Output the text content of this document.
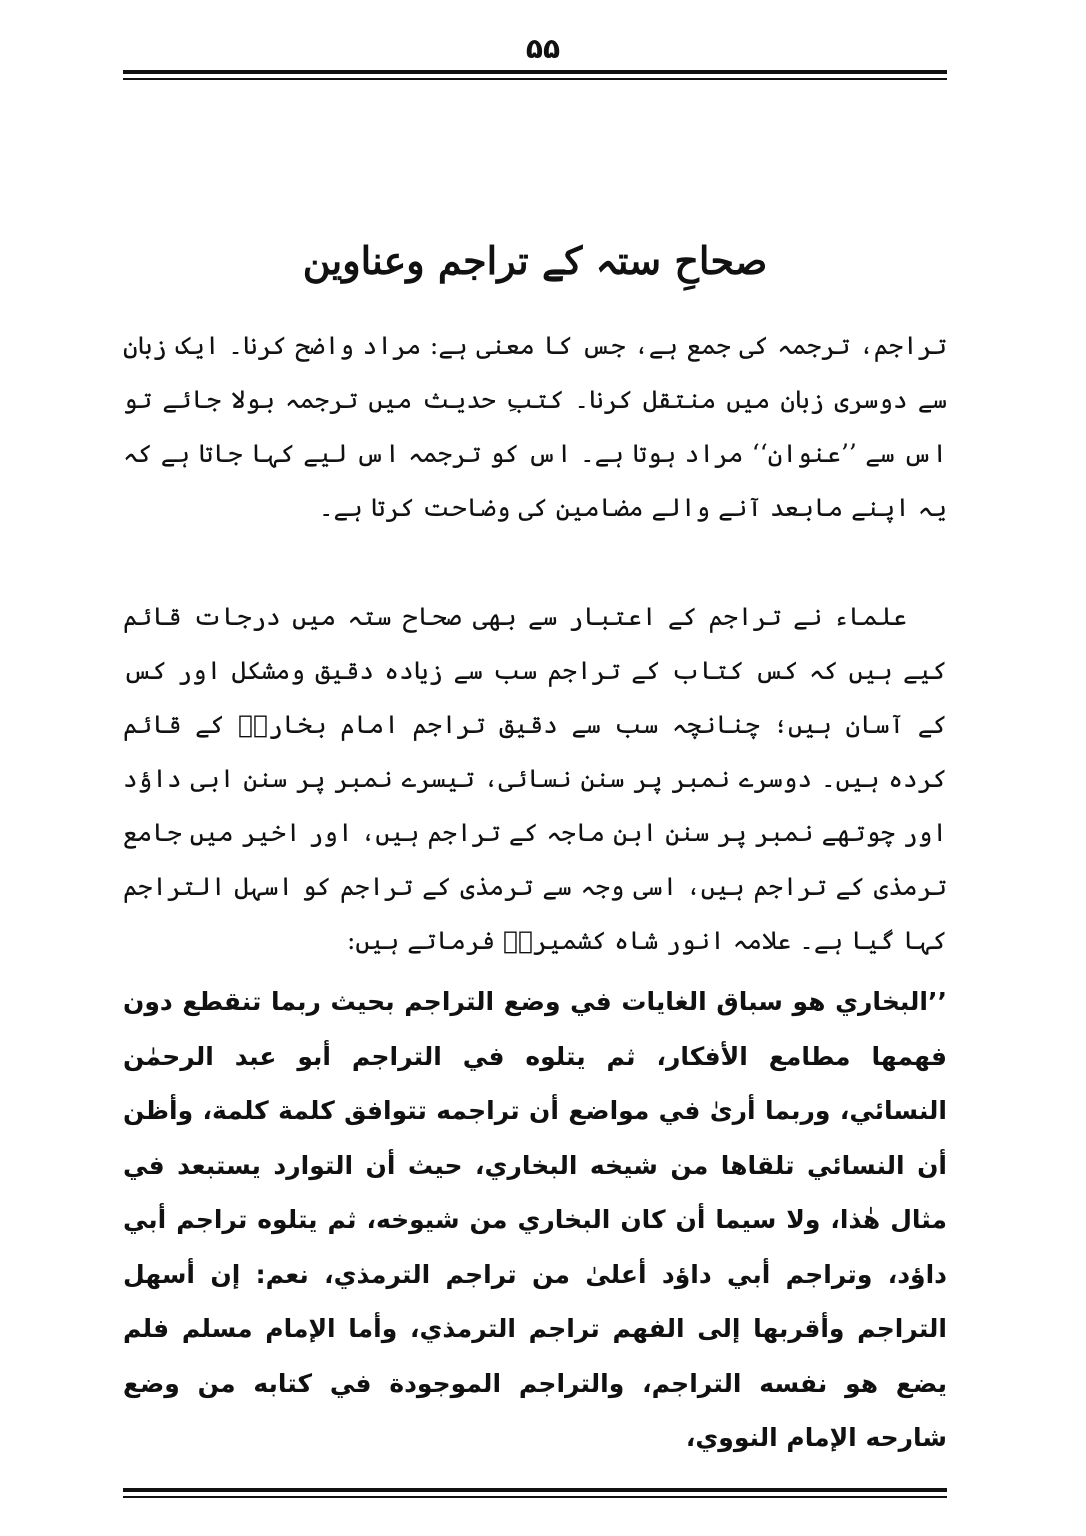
۵۵
صحاحِ ستہ کے تراجم وعناوین

تراجم، ترجمہ کی جمع ہے، جس کا معنی ہے: مراد واضح کرنا۔ ایک زبان سے دوسری زبان میں منتقل کرنا۔ کتبِ حدیث میں ترجمہ بولا جائے تو اس سے ’’عنوان‘‘ مراد ہوتا ہے۔ اس کو ترجمہ اس لیے کہا جاتا ہے کہ یہ اپنے مابعد آنے والے مضامین کی وضاحت کرتا ہے۔

علماء نے تراجم کے اعتبار سے بھی صحاح ستہ میں درجات قائم کیے ہیں کہ کس کتاب کے تراجم سب سے زیادہ دقیق ومشکل اور کس کے آسان ہیں؛ چنانچہ سب سے دقیق تراجم امام بخاریؒ کے قائم کردہ ہیں۔ دوسرے نمبر پر سنن نسائی، تیسرے نمبر پر سنن ابی داؤد اور چوتھے نمبر پر سنن ابن ماجہ کے تراجم ہیں، اور اخیر میں جامع ترمذی کے تراجم ہیں، اسی وجہ سے ترمذی کے تراجم کو اسہل التراجم کہا گیا ہے۔ علامہ انور شاہ کشمیریؒ فرماتے ہیں:

’’البخاري هو سباق الغايات في وضع التراجم بحيث ربما تنقطع دون فهمها مطامع الأفكار، ثم يتلوه في التراجم أبو عبد الرحمٰن النسائي، وربما أرىٰ في مواضع أن تراجمه تتوافق كلمة كلمة، وأظن أن النسائي تلقاها من شيخه البخاري، حيث أن التوارد يستبعد في مثال هٰذا، ولا سيما أن كان البخاري من شيوخه، ثم يتلوه تراجم أبي داؤد، وتراجم أبي داؤد أعلىٰ من تراجم الترمذي، نعم: إن أسهل التراجم وأقربها إلى الفهم تراجم الترمذي، وأما الإمام مسلم فلم يضع هو نفسه التراجم، والتراجم الموجودة في كتابه من وضع شارحه الإمام النووي،
